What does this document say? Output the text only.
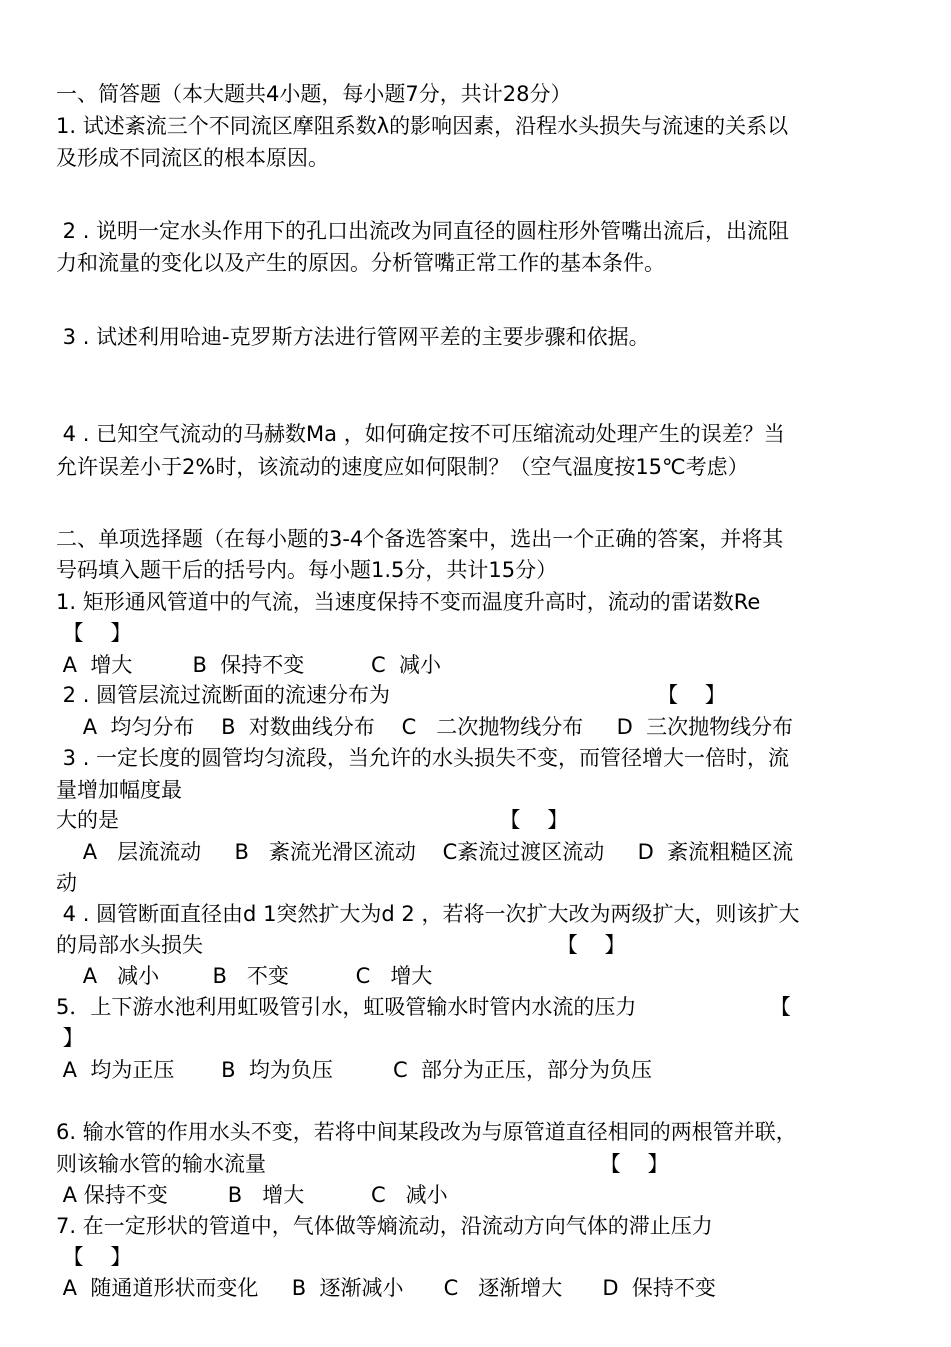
一、简答题（本大题共4小题，每小题7分，共计28分）
1. 试述紊流三个不同流区摩阻系数λ的影响因素，沿程水头损失与流速的关系以
及形成不同流区的根本原因。
2 . 说明一定水头作用下的孔口出流改为同直径的圆柱形外管嘴出流后，出流阻
力和流量的变化以及产生的原因。分析管嘴正常工作的基本条件。
3 . 试述利用哈迪-克罗斯方法进行管网平差的主要步骤和依据。
4 . 已知空气流动的马赫数Ma ，如何确定按不可压缩流动处理产生的误差？当
允许误差小于2%时，该流动的速度应如何限制？（空气温度按15℃考虑）
二、单项选择题（在每小题的3-4个备选答案中，选出一个正确的答案，并将其
号码填入题干后的括号内。每小题1.5分，共计15分）
1. 矩形通风管道中的气流，当速度保持不变而温度升高时，流动的雷诺数Re
【    】
A  增大         B  保持不变          C  减小
2 . 圆管层流过流断面的流速分布为                                        【    】
A  均匀分布    B  对数曲线分布    C   二次抛物线分布     D  三次抛物线分布
3 . 一定长度的圆管均匀流段，当允许的水头损失不变，而管径增大一倍时，流
量增加幅度最
大的是                                                         【    】
A   层流流动     B   紊流光滑区流动    C紊流过渡区流动     D  紊流粗糙区流
动
4 . 圆管断面直径由d 1突然扩大为d 2 ，若将一次扩大改为两级扩大，则该扩大
的局部水头损失                                                     【    】
A   减小        B   不变          C   增大
5．上下游水池利用虹吸管引水，虹吸管输水时管内水流的压力                    【
】
A  均为正压       B  均为负压         C  部分为正压，部分为负压
6. 输水管的作用水头不变，若将中间某段改为与原管道直径相同的两根管并联，
则该输水管的输水流量                                                  【    】
A 保持不变         B   增大          C   减小
7. 在一定形状的管道中，气体做等熵流动，沿流动方向气体的滞止压力
【    】
A  随通道形状而变化     B  逐渐减小      C   逐渐增大      D  保持不变
